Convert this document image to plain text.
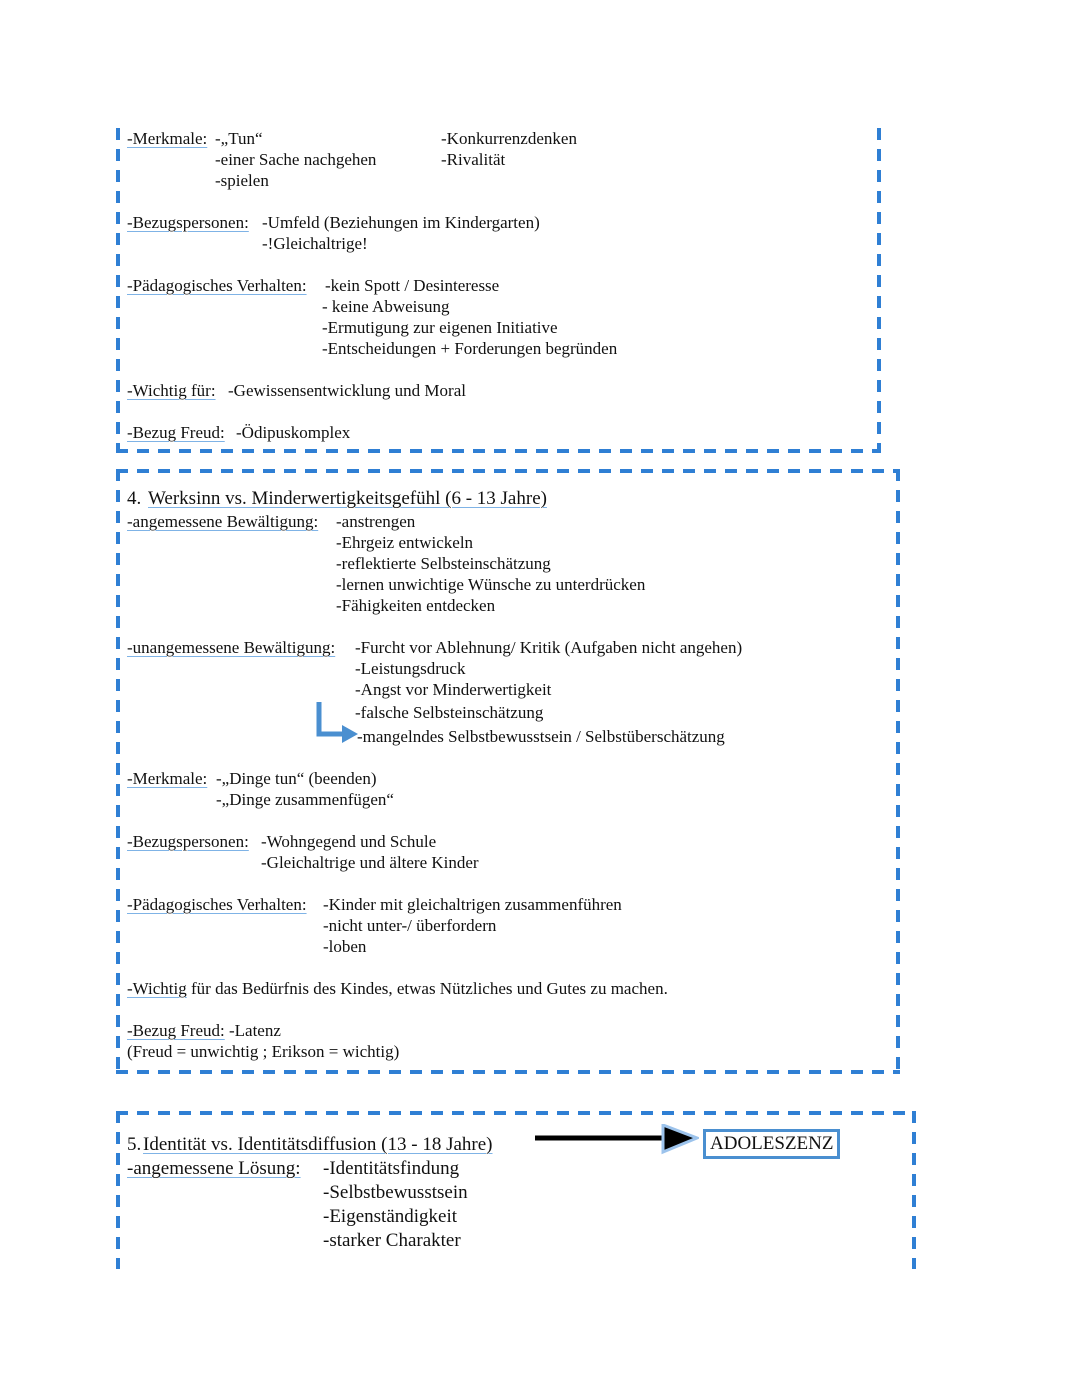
-Merkmale: -„Tun“
-einer Sache nachgehen
-spielen
-Konkurrenzdenken
-Rivalität
-Bezugspersonen: -Umfeld (Beziehungen im Kindergarten)
-!Gleichaltrige!
-Pädagogisches Verhalten: -kein Spott / Desinteresse
- keine Abweisung
-Ermutigung zur eigenen Initiative
-Entscheidungen + Forderungen begründen
-Wichtig für: -Gewissensentwicklung und Moral
-Bezug Freud: -Ödipuskomplex
4. Werksinn vs. Minderwertigkeitsgefühl (6 - 13 Jahre)
-angemessene Bewältigung: -anstrengen
-Ehrgeiz entwickeln
-reflektierte Selbsteinschätzung
-lernen unwichtige Wünsche zu unterdrücken
-Fähigkeiten entdecken
-unangemessene Bewältigung: -Furcht vor Ablehnung/ Kritik (Aufgaben nicht angehen)
-Leistungsdruck
-Angst vor Minderwertigkeit
-falsche Selbsteinschätzung
-mangelndes Selbstbewusstsein / Selbstüberschätzung
-Merkmale: -„Dinge tun“ (beenden)
-„Dinge zusammenfügen“
-Bezugspersonen: -Wohngegend und Schule
-Gleichaltrige und ältere Kinder
-Pädagogisches Verhalten: -Kinder mit gleichaltrigen zusammenführen
-nicht unter-/ überfordern
-loben
-Wichtig für das Bedürfnis des Kindes, etwas Nützliches und Gutes zu machen.
-Bezug Freud: -Latenz
(Freud = unwichtig ; Erikson = wichtig)
5. Identität vs. Identitätsdiffusion (13 - 18 Jahre)	ADOLESZENZ
-angemessene Lösung: -Identitätsfindung
-Selbstbewusstsein
-Eigenständigkeit
-starker Charakter
